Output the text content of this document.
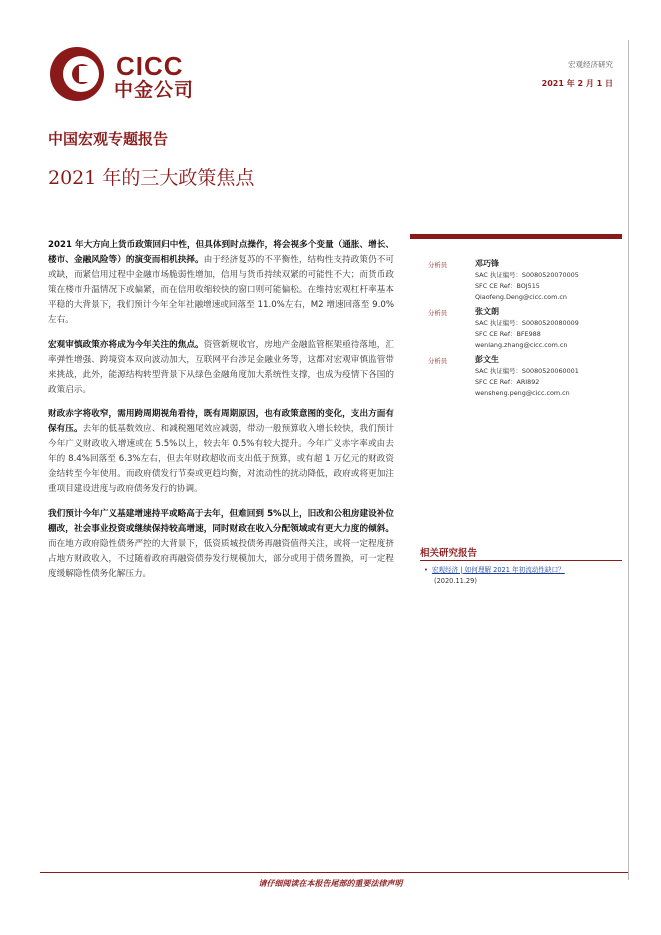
CICC
中金公司
宏观经济研究
2021 年 2 月 1 日
中国宏观专题报告
2021 年的三大政策焦点

2021 年大方向上货币政策回归中性，但具体到时点操作，将会视多个变量（通胀、增长、楼市、金融风险等）的演变而相机抉择。由于经济复苏的不平衡性，结构性支持政策仍不可或缺，而紧信用过程中金融市场脆弱性增加，信用与货币持续双紧的可能性不大；而货币政策在楼市升温情况下或偏紧，而在信用收缩较快的窗口则可能偏松。在维持宏观杠杆率基本平稳的大背景下，我们预计今年全年社融增速或回落至 11.0%左右，M2 增速回落至 9.0%左右。

宏观审慎政策亦将成为今年关注的焦点。资管新规收官，房地产金融监管框架亟待落地，汇率弹性增强、跨境资本双向波动加大，互联网平台涉足金融业务等，这都对宏观审慎监管带来挑战，此外，能源结构转型背景下从绿色金融角度加大系统性支撑，也成为疫情下各国的政策启示。

财政赤字将收窄，需用跨周期视角看待，既有周期原因，也有政策意图的变化，支出方面有保有压。去年的低基数效应、和减税翘尾效应减弱，带动一般预算收入增长较快，我们预计今年广义财政收入增速或在 5.5%以上，较去年 0.5%有较大提升。今年广义赤字率或由去年的 8.4%回落至 6.3%左右，但去年财政超收而支出低于预算，或有超 1 万亿元的财政资金结转至今年使用。而政府债发行节奏或更趋均衡，对流动性的扰动降低，政府或将更加注重项目建设进度与政府债务发行的协调。

我们预计今年广义基建增速持平或略高于去年，但难回到 5%以上，旧改和公租房建设补位棚改，社会事业投资或继续保持较高增速，同时财政在收入分配领域或有更大力度的倾斜。而在地方政府隐性债务严控的大背景下，低资质城投债务再融资值得关注，或将一定程度挤占地方财政收入，不过随着政府再融资债券发行规模加大，部分或用于债务置换，可一定程度缓解隐性债务化解压力。

分析员	邓巧锋
SAC 执证编号：S0080520070005
SFC CE Ref：BOJ515
Qiaofeng.Deng@cicc.com.cn
分析员	张文朗
SAC 执证编号：S0080520080009
SFC CE Ref：BFE988
wenlang.zhang@cicc.com.cn
分析员	彭文生
SAC 执证编号：S0080520060001
SFC CE Ref：ARI892
wensheng.peng@cicc.com.cn
相关研究报告
• 宏观经济 | 如何理解 2021 年初流动性缺口？
(2020.11.29)
请仔细阅读在本报告尾部的重要法律声明
